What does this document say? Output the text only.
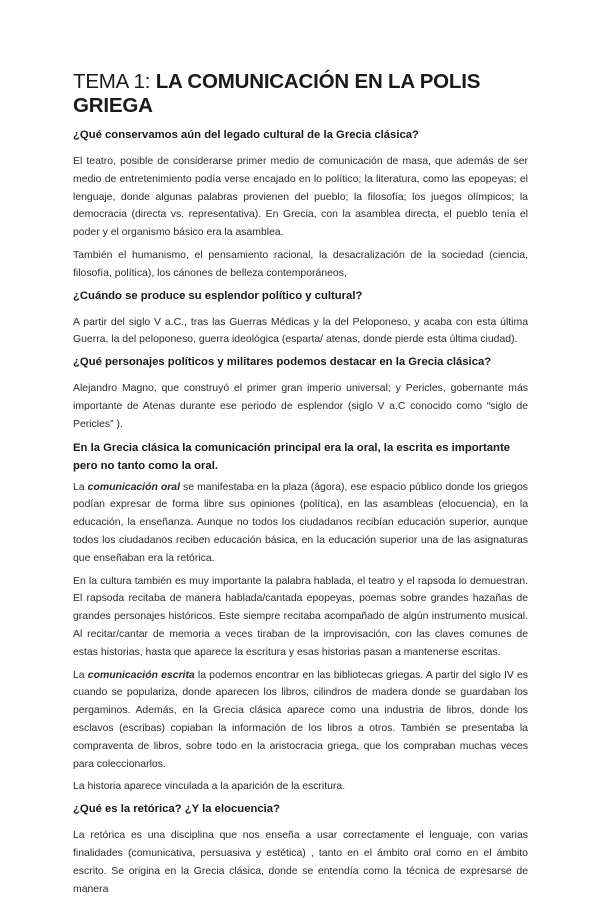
TEMA 1: LA COMUNICACIÓN EN LA POLIS GRIEGA
¿Qué conservamos aún del legado cultural de la Grecia clásica?
El teatro, posible de considerarse primer medio de comunicación de masa, que además de ser medio de entretenimiento podía verse encajado en lo político; la literatura, como las epopeyas; el lenguaje, donde algunas palabras provienen del pueblo; la filosofía; los juegos olímpicos; la democracia (directa vs. representativa). En Grecia, con la asamblea directa, el pueblo tenía el poder y el organismo básico era la asamblea.
También el humanismo, el pensamiento racional, la desacralización de la sociedad (ciencia, filosofía, política), los cánones de belleza contemporáneos,
¿Cuándo se produce su esplendor político y cultural?
A partir del siglo V a.C., tras las Guerras Médicas y la del Peloponeso, y acaba con esta última Guerra, la del peloponeso, guerra ideológica (esparta/ atenas, donde pierde esta última ciudad).
¿Qué personajes políticos y militares podemos destacar en la Grecia clásica?
Alejandro Magno, que construyó el primer gran imperio universal; y Pericles, gobernante más importante de Atenas durante ese periodo de esplendor (siglo V a.C conocido como “siglo de Pericles” ).
En la Grecia clásica la comunicación principal era la oral, la escrita es importante pero no tanto como la oral.
La comunicación oral se manifestaba en la plaza (ágora), ese espacio público donde los griegos podían expresar de forma libre sus opiniones (política), en las asambleas (elocuencia), en la educación, la enseñanza. Aunque no todos los ciudadanos recibían educación superior, aunque todos los ciudadanos reciben educación básica, en la educación superior una de las asignaturas que enseñaban era la retórica.
En la cultura también es muy importante la palabra hablada, el teatro y el rapsoda lo demuestran. El rapsoda recitaba de manera hablada/cantada epopeyas, poemas sobre grandes hazañas de grandes personajes históricos. Este siempre recitaba acompañado de algún instrumento musical. Al recitar/cantar de memoria a veces tiraban de la improvisación, con las claves comunes de estas historias, hasta que aparece la escritura y esas historias pasan a mantenerse escritas.
La comunicación escrita la podemos encontrar en las bibliotecas griegas. A partir del siglo IV es cuando se populariza, donde aparecen los libros, cilindros de madera donde se guardaban los pergaminos. Además, en la Grecia clásica aparece como una industria de libros, donde los esclavos (escribas) copiaban la información de los libros a otros. También se presentaba la compraventa de libros, sobre todo en la aristocracia griega, que los compraban muchas veces para coleccionarlos.
La historia aparece vinculada a la aparición de la escritura.
¿Qué es la retórica? ¿Y la elocuencia?
La retórica es una disciplina que nos enseña a usar correctamente el lenguaje, con varias finalidades (comunicativa, persuasiva y estética) , tanto en el ámbito oral como en el ámbito escrito. Se origina en la Grecia clásica, donde se entendía como la técnica de expresarse de manera
